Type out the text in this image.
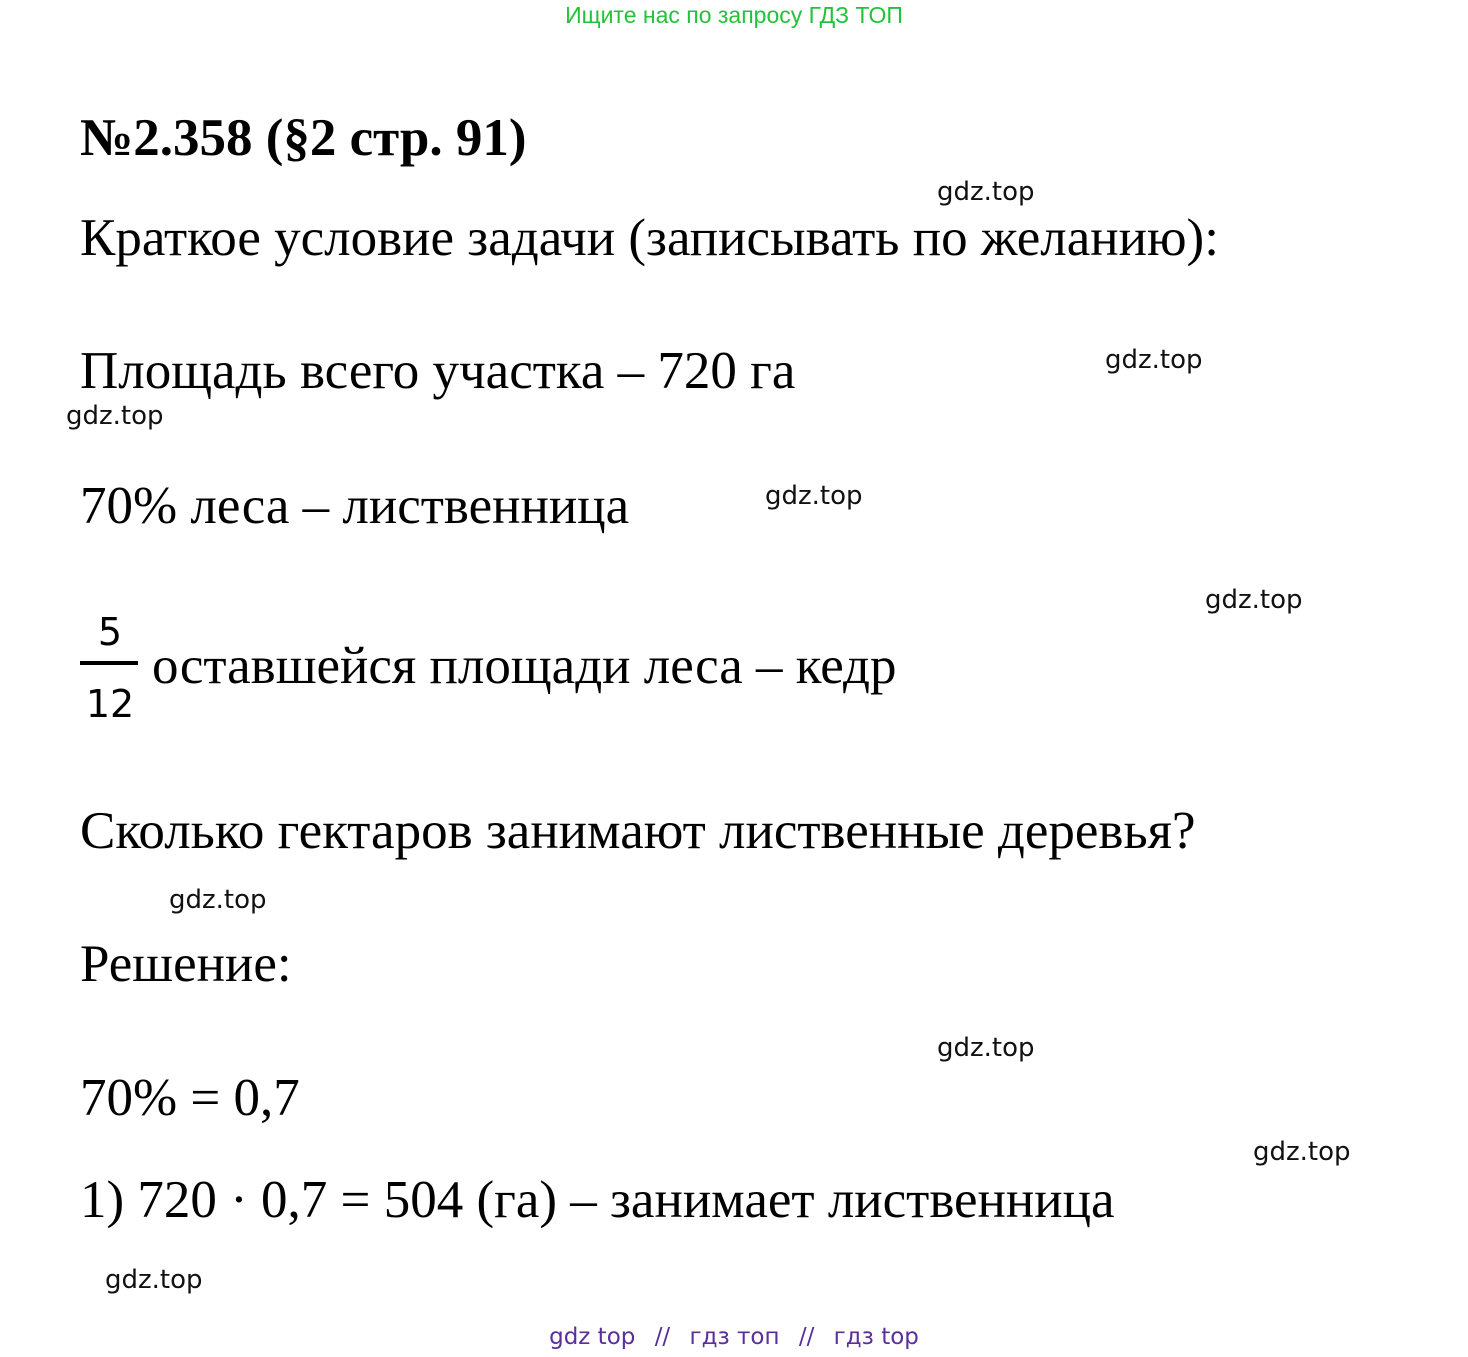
Ищите нас по запросу ГДЗ ТОП
№2.358 (§2 стр. 91)
gdz.top
Краткое условие задачи (записывать по желанию):
gdz.top
Площадь всего участка – 720 га
gdz.top
gdz.top
70% леса – лиственница
gdz.top
5
12
оставшейся площади леса – кедр
Сколько гектаров занимают лиственные деревья?
gdz.top
Решение:
gdz.top
70% = 0,7
gdz.top
1) 720 · 0,7 = 504 (га) – занимает лиственница
gdz.top
gdz top // гдз топ // гдз top
